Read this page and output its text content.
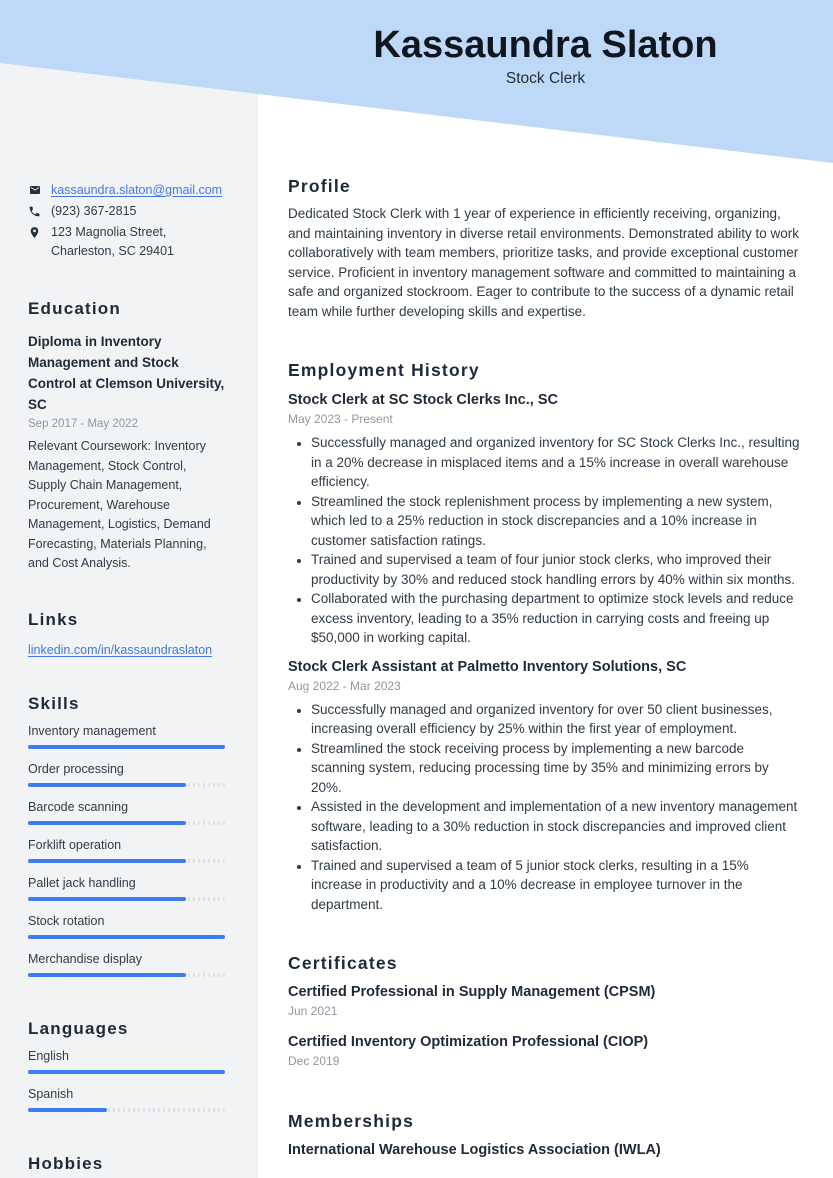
kassaundra.slaton@gmail.com
(923) 367-2815
123 Magnolia Street,
Charleston, SC 29401
Education
Diploma in Inventory Management and Stock Control at Clemson University, SC
Sep 2017 - May 2022
Relevant Coursework: Inventory Management, Stock Control, Supply Chain Management, Procurement, Warehouse Management, Logistics, Demand Forecasting, Materials Planning, and Cost Analysis.
Links
linkedin.com/in/kassaundraslaton
Skills
Inventory management
Order processing
Barcode scanning
Forklift operation
Pallet jack handling
Stock rotation
Merchandise display
Languages
English
Spanish
Hobbies
Kassaundra Slaton
Stock Clerk
Profile

Dedicated Stock Clerk with 1 year of experience in efficiently receiving, organizing, and maintaining inventory in diverse retail environments. Demonstrated ability to work collaboratively with team members, prioritize tasks, and provide exceptional customer service. Proficient in inventory management software and committed to maintaining a safe and organized stockroom. Eager to contribute to the success of a dynamic retail team while further developing skills and expertise.

Employment History
Stock Clerk at SC Stock Clerks Inc., SC
May 2023 - Present
• Successfully managed and organized inventory for SC Stock Clerks Inc., resulting in a 20% decrease in misplaced items and a 15% increase in overall warehouse efficiency.
• Streamlined the stock replenishment process by implementing a new system, which led to a 25% reduction in stock discrepancies and a 10% increase in customer satisfaction ratings.
• Trained and supervised a team of four junior stock clerks, who improved their productivity by 30% and reduced stock handling errors by 40% within six months.
• Collaborated with the purchasing department to optimize stock levels and reduce excess inventory, leading to a 35% reduction in carrying costs and freeing up $50,000 in working capital.
Stock Clerk Assistant at Palmetto Inventory Solutions, SC
Aug 2022 - Mar 2023
• Successfully managed and organized inventory for over 50 client businesses, increasing overall efficiency by 25% within the first year of employment.
• Streamlined the stock receiving process by implementing a new barcode scanning system, reducing processing time by 35% and minimizing errors by 20%.
• Assisted in the development and implementation of a new inventory management software, leading to a 30% reduction in stock discrepancies and improved client satisfaction.
• Trained and supervised a team of 5 junior stock clerks, resulting in a 15% increase in productivity and a 10% decrease in employee turnover in the department.
Certificates
Certified Professional in Supply Management (CPSM)
Jun 2021
Certified Inventory Optimization Professional (CIOP)
Dec 2019
Memberships
International Warehouse Logistics Association (IWLA)
